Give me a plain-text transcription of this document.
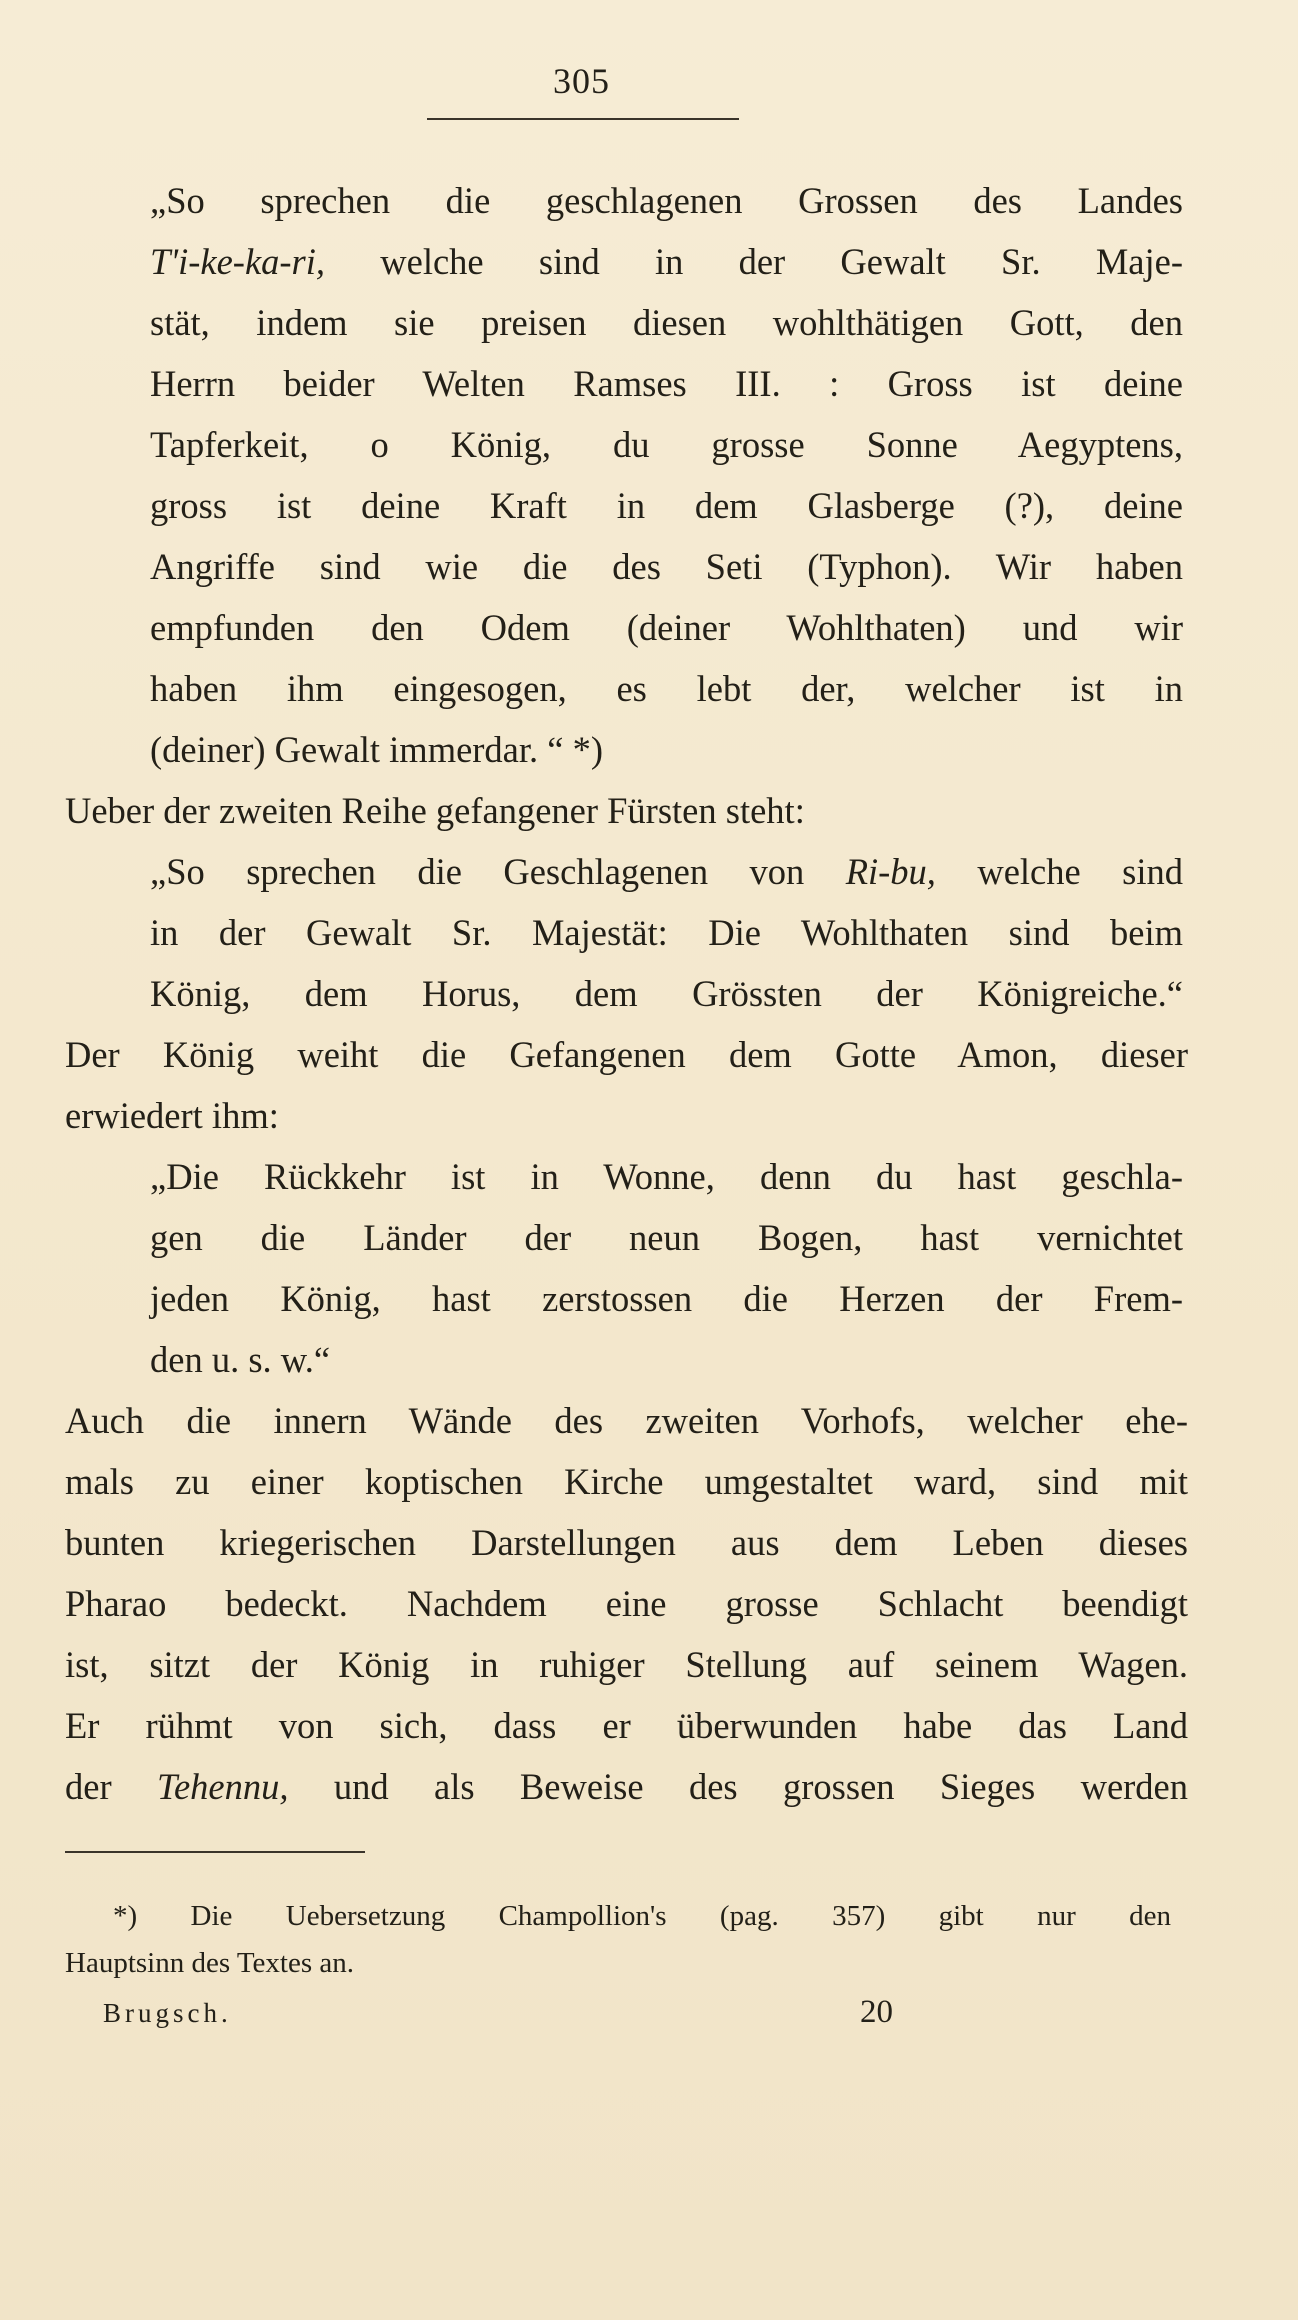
305
„So sprechen die geschlagenen Grossen des Landes
T'i-ke-ka-ri, welche sind in der Gewalt Sr. Maje-
stät, indem sie preisen diesen wohlthätigen Gott, den
Herrn beider Welten Ramses III. : Gross ist deine
Tapferkeit, o König, du grosse Sonne Aegyptens,
gross ist deine Kraft in dem Glasberge (?), deine
Angriffe sind wie die des Seti (Typhon). Wir haben
empfunden den Odem (deiner Wohlthaten) und wir
haben ihm eingesogen, es lebt der, welcher ist in
(deiner) Gewalt immerdar. “ *)
Ueber der zweiten Reihe gefangener Fürsten steht:
„So sprechen die Geschlagenen von Ri-bu, welche sind
in der Gewalt Sr. Majestät: Die Wohlthaten sind beim
König, dem Horus, dem Grössten der Königreiche.“
Der König weiht die Gefangenen dem Gotte Amon, dieser
erwiedert ihm:
„Die Rückkehr ist in Wonne, denn du hast geschla-
gen die Länder der neun Bogen, hast vernichtet
jeden König, hast zerstossen die Herzen der Frem-
den u. s. w.“
Auch die innern Wände des zweiten Vorhofs, welcher ehe-
mals zu einer koptischen Kirche umgestaltet ward, sind mit
bunten kriegerischen Darstellungen aus dem Leben dieses
Pharao bedeckt. Nachdem eine grosse Schlacht beendigt
ist, sitzt der König in ruhiger Stellung auf seinem Wagen.
Er rühmt von sich, dass er überwunden habe das Land
der Tehennu, und als Beweise des grossen Sieges werden
*) Die Uebersetzung Champollion's (pag. 357) gibt nur den
Hauptsinn des Textes an.
Brugsch.	20
